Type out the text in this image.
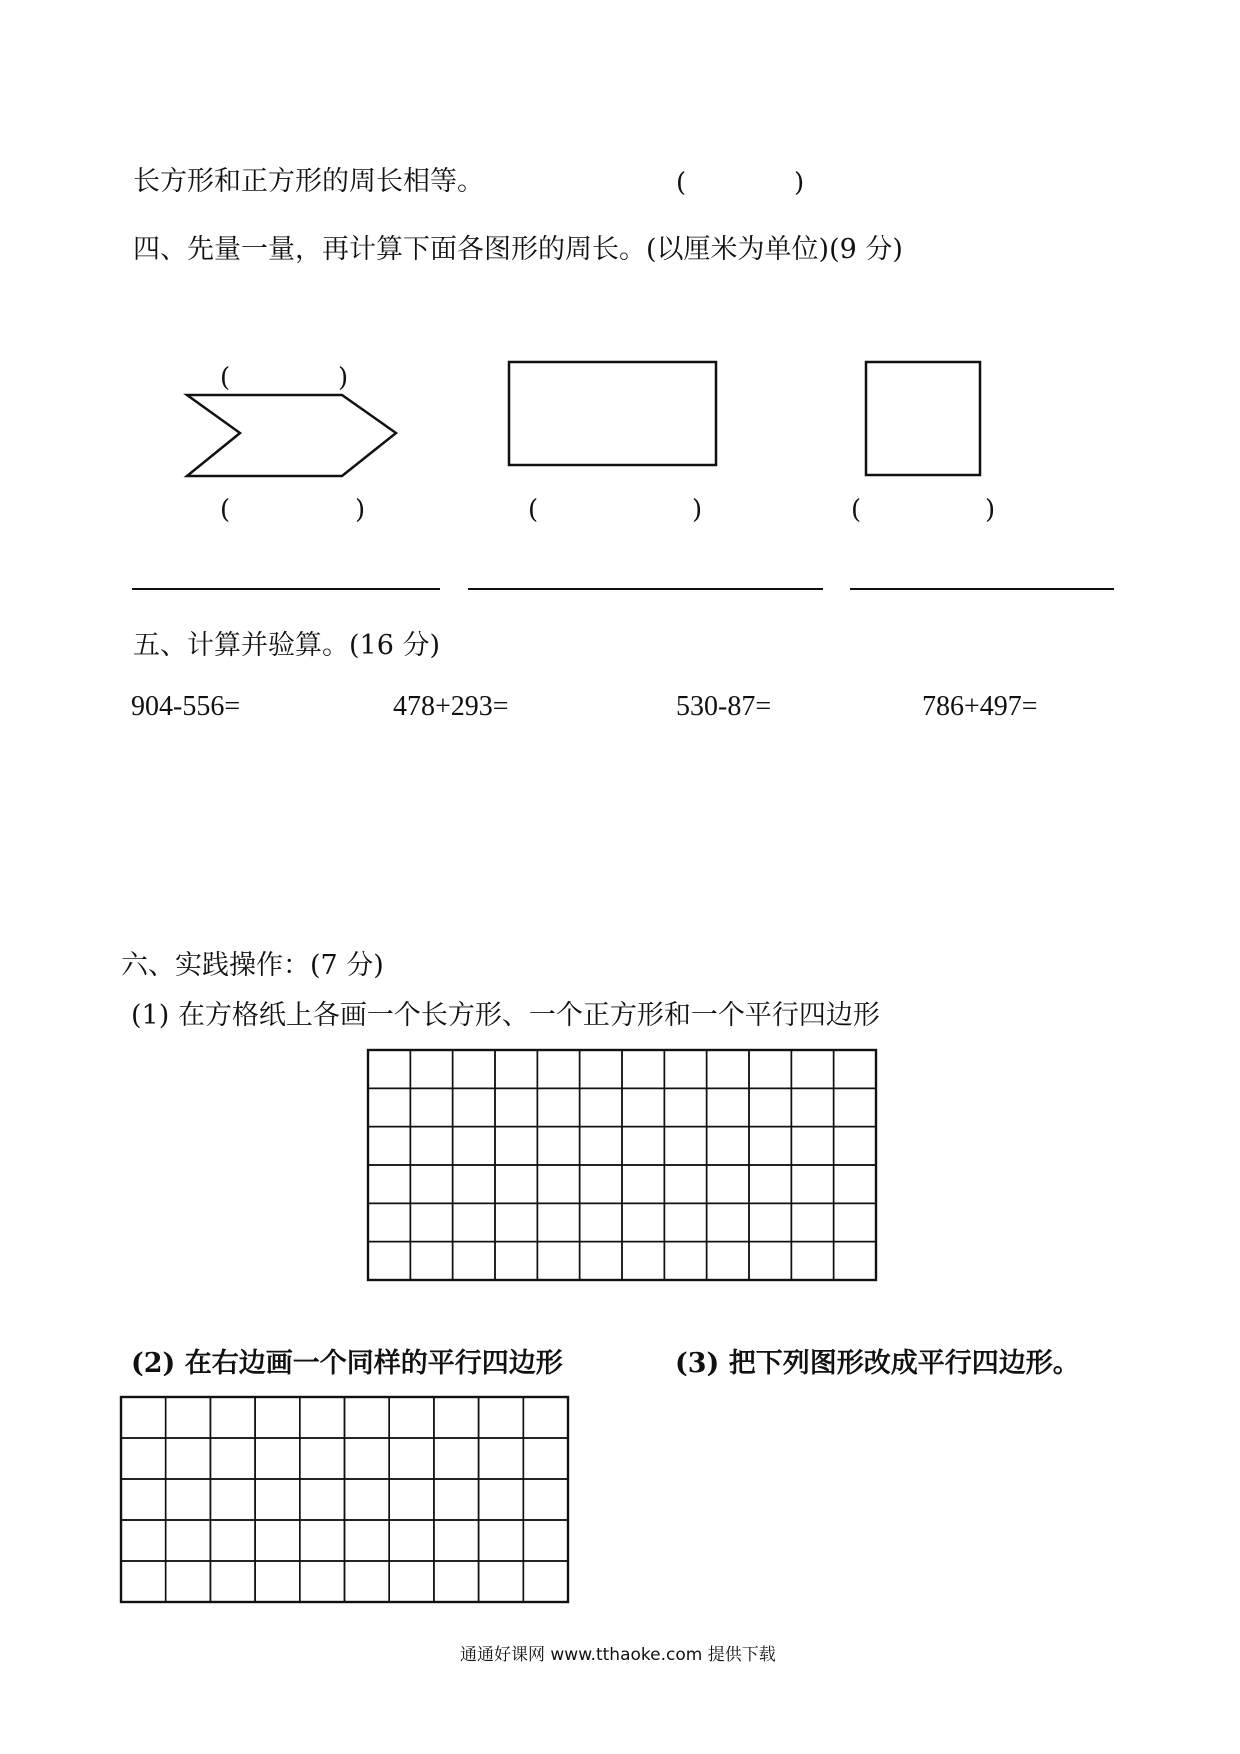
长方形和正方形的周长相等。	(	)
四、先量一量，再计算下面各图形的周长。(以厘米为单位)(9 分)
(	)
(	)	(	)	(	)
五、计算并验算。(16 分)
904-556=	478+293=	530-87=	786+497=
六、实践操作：(7 分)
(1) 在方格纸上各画一个长方形、一个正方形和一个平行四边形
(2) 在右边画一个同样的平行四边形	(3) 把下列图形改成平行四边形。
通通好课网 www.tthaoke.com 提供下载
